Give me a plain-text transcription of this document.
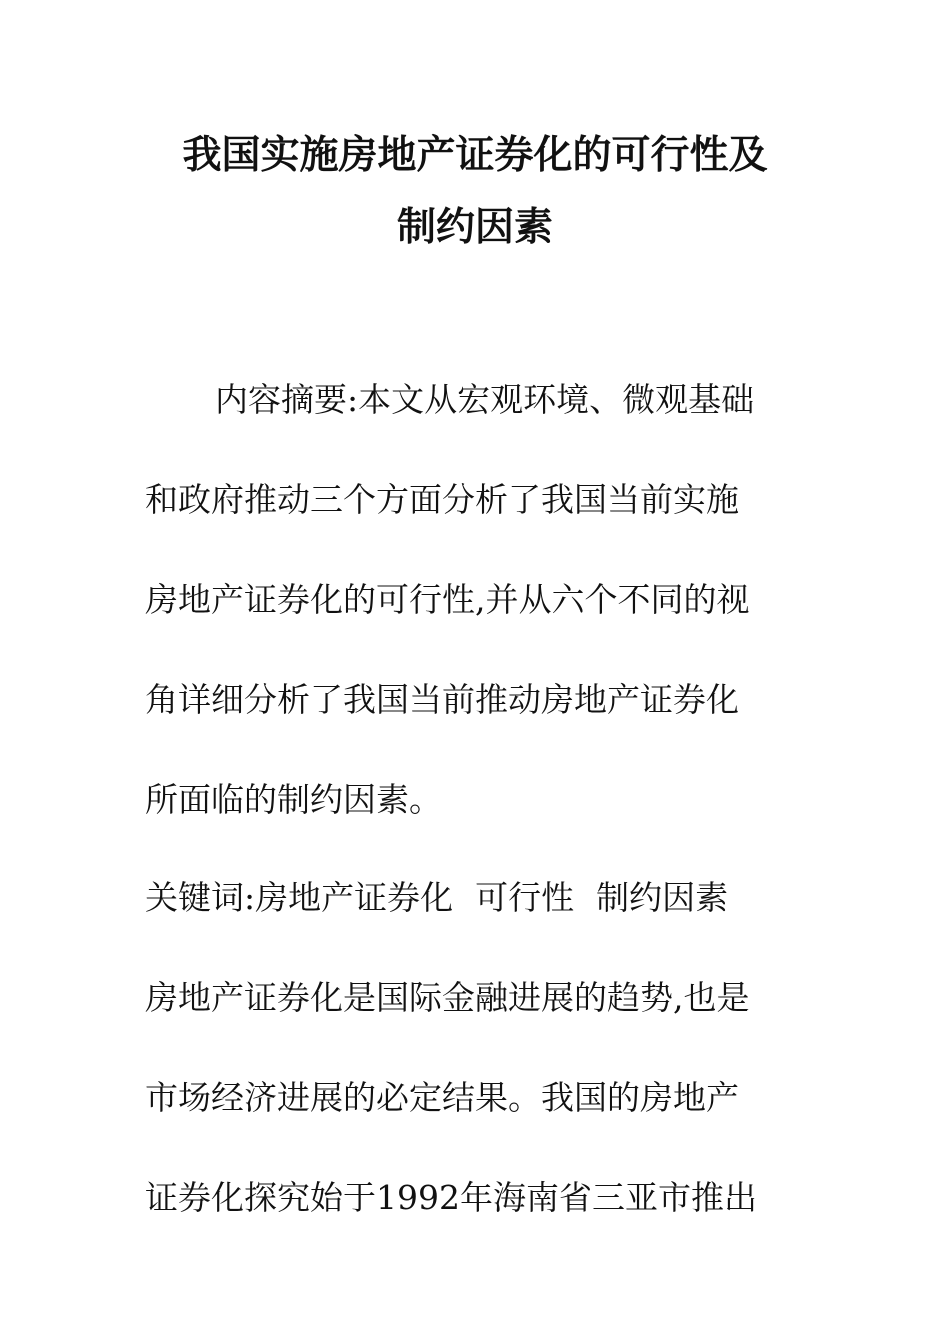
我国实施房地产证券化的可行性及
制约因素
内容摘要:本文从宏观环境、微观基础
和政府推动三个方面分析了我国当前实施
房地产证券化的可行性,并从六个不同的视
角详细分析了我国当前推动房地产证券化
所面临的制约因素。
关键词:房地产证券化 可行性 制约因素
房地产证券化是国际金融进展的趋势,也是
市场经济进展的必定结果。我国的房地产
证券化探究始于1992年海南省三亚市推出
